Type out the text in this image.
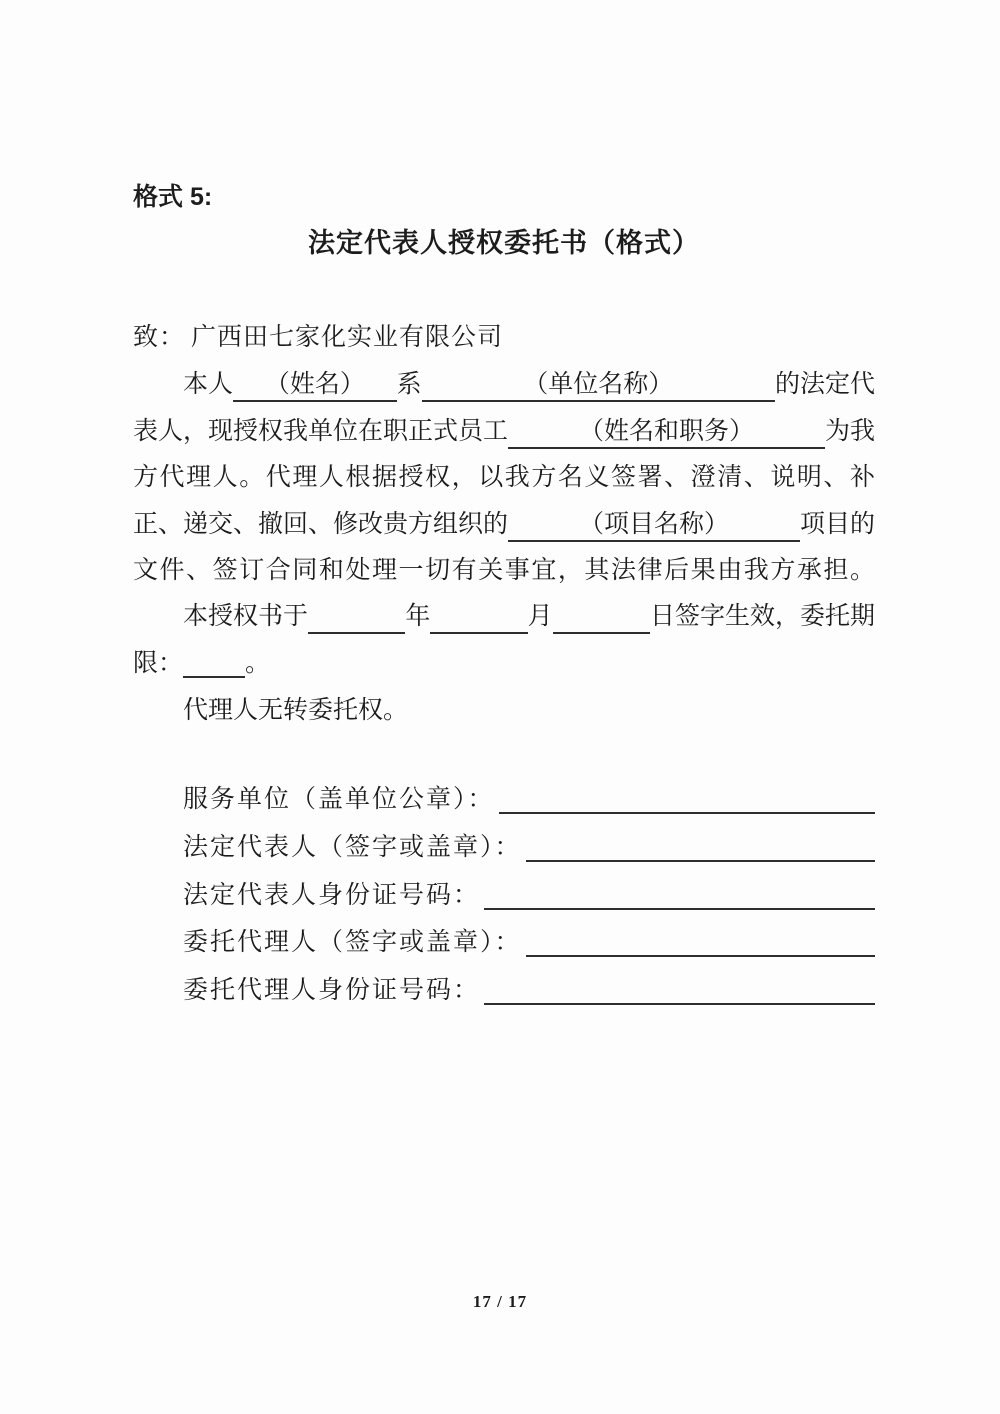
格式 5:
法定代表人授权委托书（格式）
致： 广西田七家化实业有限公司
本人	（姓名）	系	（单位名称）	的法定代
表人，现授权我单位在职正式员工	（姓名和职务）	为我
方代理人。代理人根据授权，以我方名义签署、澄清、说明、补
正、递交、撤回、修改贵方组织的	（项目名称）	项目的
文件、签订合同和处理一切有关事宜，其法律后果由我方承担。
本授权书于	年	月	日签字生效，委托期
限： 。
代理人无转委托权。
服务单位（盖单位公章）：
法定代表人（签字或盖章）：
法定代表人身份证号码：
委托代理人（签字或盖章）：
委托代理人身份证号码：
17 / 17
